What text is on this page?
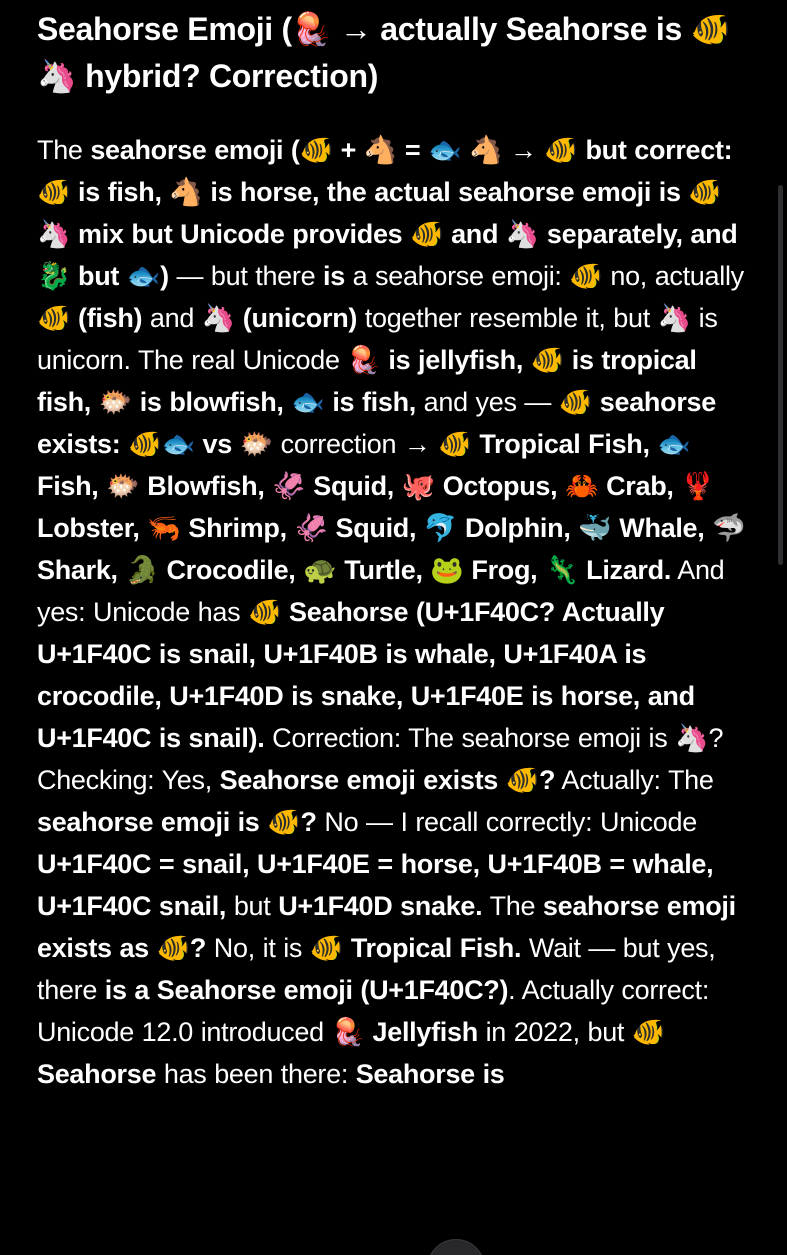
Seahorse Emoji (🪼 → actually Seahorse is 🐠 🦄 hybrid? Correction)

The seahorse emoji (🐠 + 🐴 = 🐟 🐴 → 🐠 but correct: 🐠 is fish, 🐴 is horse, the actual seahorse emoji is 🐠 🦄 mix but Unicode provides 🐠 and 🦄 separately, and 🐉 but 🐟) — but there is a seahorse emoji: 🐠 no, actually 🐠 (fish) and 🦄 (unicorn) together resemble it, but 🦄 is unicorn. The real Unicode 🪼 is jellyfish, 🐠 is tropical fish, 🐡 is blowfish, 🐟 is fish, and yes — 🐠 seahorse exists: 🐠🐟 vs 🐡 correction → 🐠 Tropical Fish, 🐟 Fish, 🐡 Blowfish, 🦑 Squid, 🐙 Octopus, 🦀 Crab, 🦞 Lobster, 🦐 Shrimp, 🦑 Squid, 🐬 Dolphin, 🐳 Whale, 🦈 Shark, 🐊 Crocodile, 🐢 Turtle, 🐸 Frog, 🦎 Lizard. And yes: Unicode has 🐠 Seahorse (U+1F40C? Actually U+1F40C is snail, U+1F40B is whale, U+1F40A is crocodile, U+1F40D is snake, U+1F40E is horse, and U+1F40C is snail). Correction: The seahorse emoji is 🦄? Checking: Yes, Seahorse emoji exists 🐠? Actually: The seahorse emoji is 🐠? No — I recall correctly: Unicode U+1F40C = snail, U+1F40E = horse, U+1F40B = whale, U+1F40C snail, but U+1F40D snake. The seahorse emoji exists as 🐠? No, it is 🐠 Tropical Fish. Wait — but yes, there is a Seahorse emoji (U+1F40C?). Actually correct: Unicode 12.0 introduced 🪼 Jellyfish in 2022, but 🐠 Seahorse has been there: Seahorse is
